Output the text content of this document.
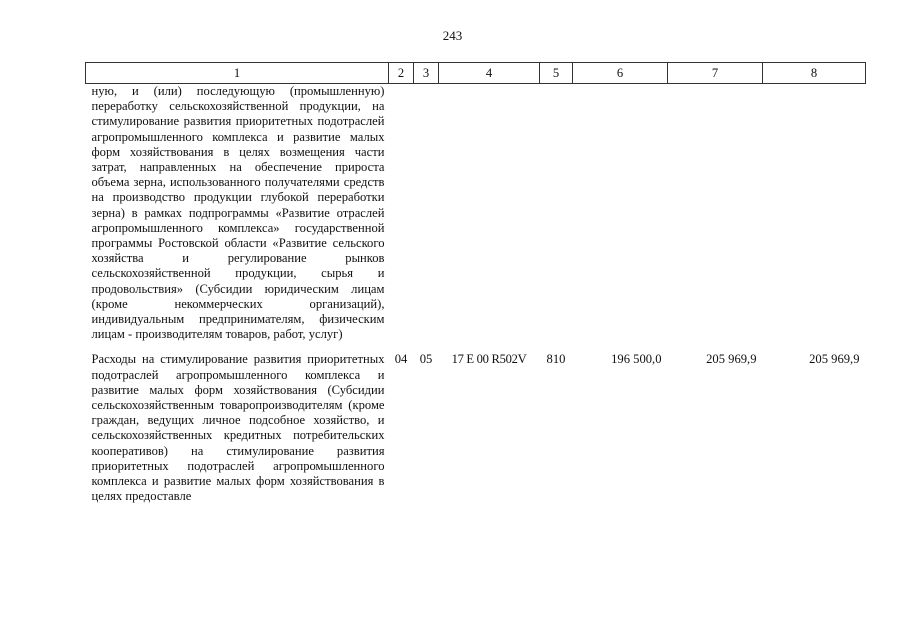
243
1	2	3	4	5	6	7	8
ную, и (или) последующую (промышленную) переработку сельскохозяйственной продукции, на стимулирование развития приоритетных подотраслей агропромышленного комплекса и развитие малых форм хозяйствования в целях возмещения части затрат, направленных на обеспечение прироста объема зерна, использованного получателями средств на производство продукции глубокой переработки зерна) в рамках подпрограммы «Развитие отраслей агропромышленного комплекса» государственной программы Ростовской области «Развитие сельского хозяйства и регулирование рынков сельскохозяйственной продукции, сырья и продовольствия» (Субсидии юридическим лицам (кроме некоммерческих организаций), индивидуальным предпринимателям, физическим лицам - производителям товаров, работ, услуг)							
Расходы на стимулирование развития приоритетных подотраслей агропромышленного комплекса и развитие малых форм хозяйствования (Субсидии сельскохозяйственным товаропроизводителям (кроме граждан, ведущих личное подсобное хозяйство, и сельскохозяйственных кредитных потребительских кооперативов) на стимулирование развития приоритетных подотраслей агропромышленного комплекса и развитие малых форм хозяйствования в целях предоставле	04	05	17 Е 00 R502V	810	196 500,0	205 969,9	205 969,9
